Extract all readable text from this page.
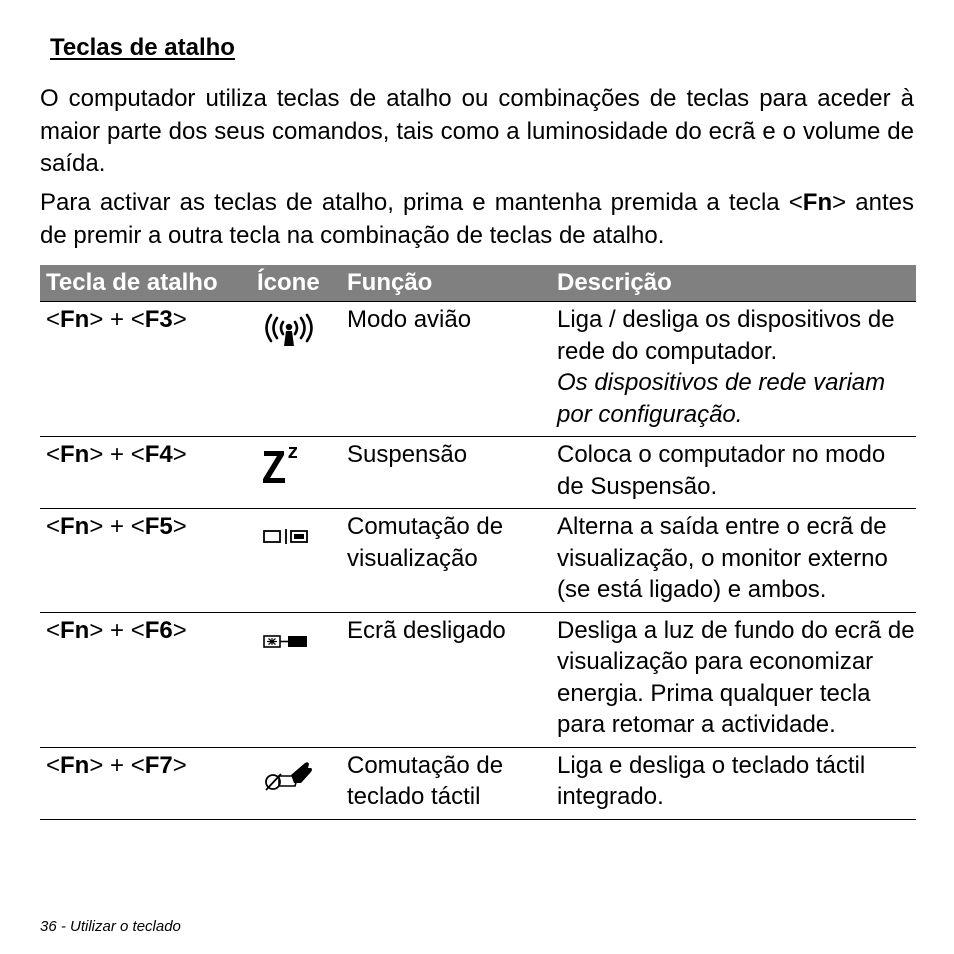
Teclas de atalho

O computador utiliza teclas de atalho ou combinações de teclas para aceder à maior parte dos seus comandos, tais como a luminosidade do ecrã e o volume de saída.

Para activar as teclas de atalho, prima e mantenha premida a tecla <Fn> antes de premir a outra tecla na combinação de teclas de atalho.

Tecla de atalho	Ícone	Função	Descrição
<Fn> + <F3>		Modo avião	Liga / desliga os dispositivos de rede do computador.
Os dispositivos de rede variam por configuração.

<Fn> + <F4>		Suspensão	Coloca o computador no modo de Suspensão.
<Fn> + <F5>		Comutação de visualização	Alterna a saída entre o ecrã de visualização, o monitor externo (se está ligado) e ambos.
<Fn> + <F6>		Ecrã desligado	Desliga a luz de fundo do ecrã de visualização para economizar energia. Prima qualquer tecla para retomar a actividade.
<Fn> + <F7>		Comutação de teclado táctil	Liga e desliga o teclado táctil integrado.
36 - Utilizar o teclado
